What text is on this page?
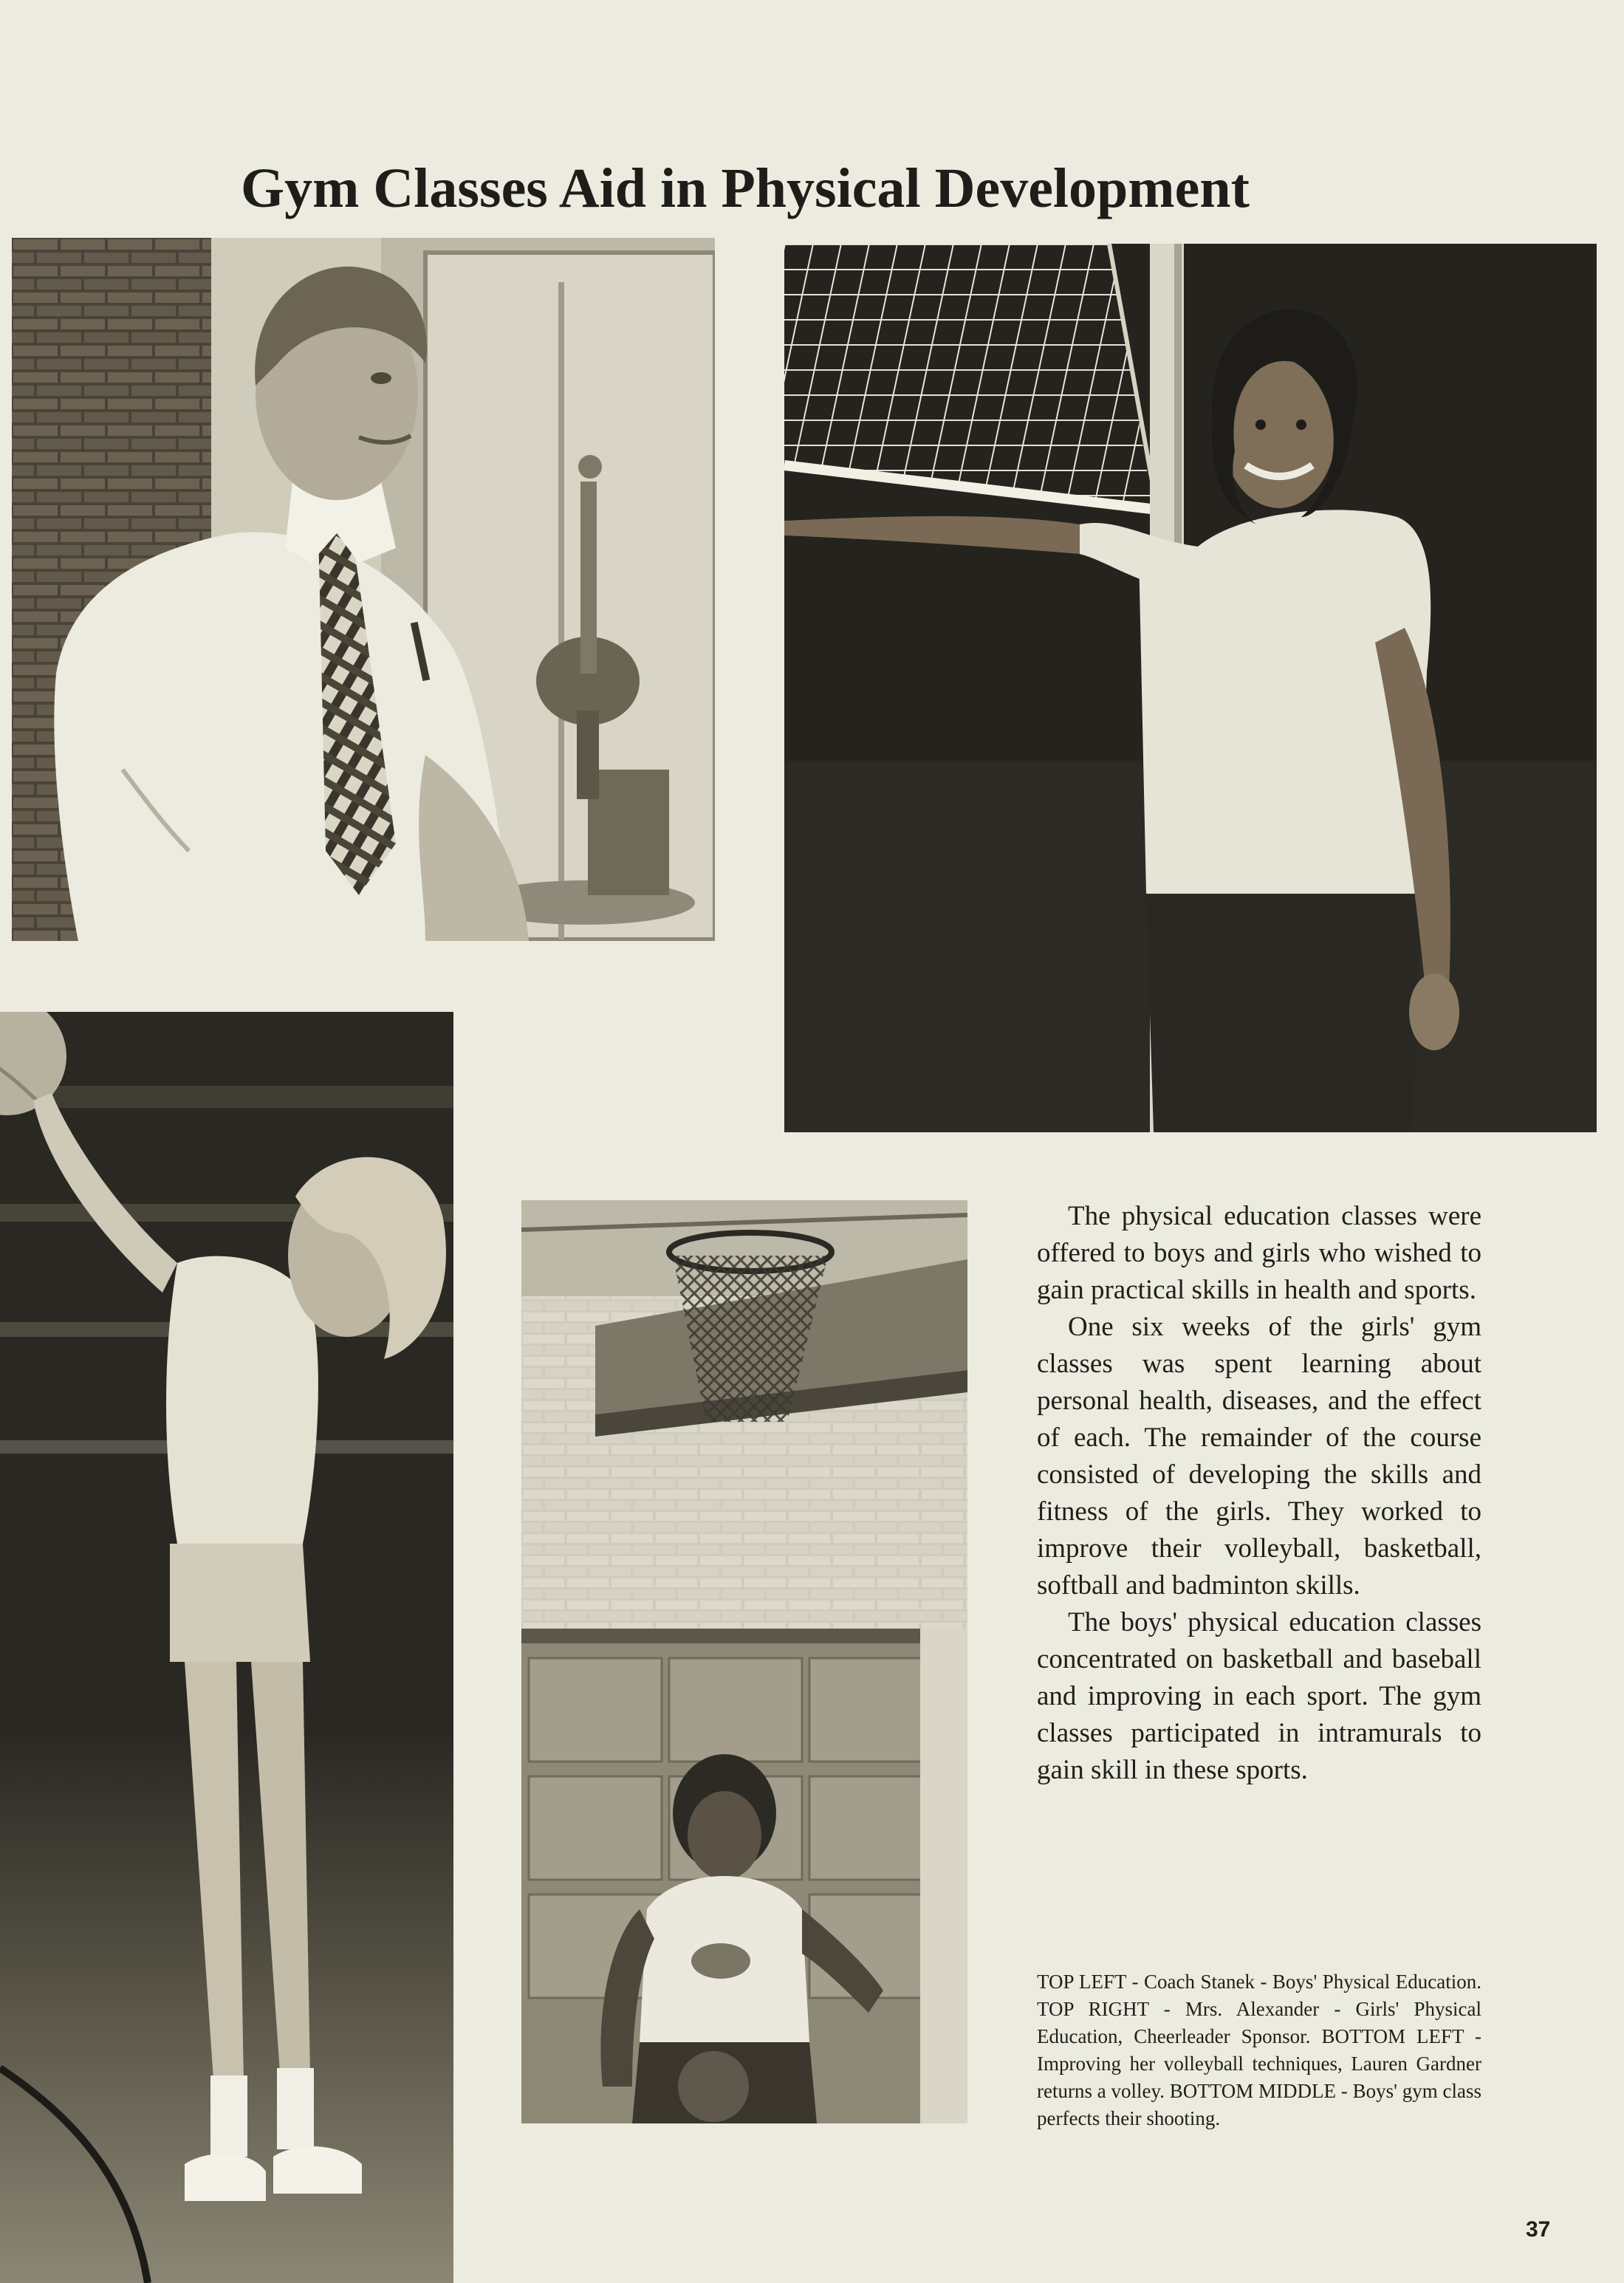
Gym Classes Aid in Physical Development

The physical education classes were offered to boys and girls who wished to gain practical skills in health and sports.

One six weeks of the girls' gym classes was spent learning about personal health, diseases, and the effect of each. The remainder of the course consisted of developing the skills and fitness of the girls. They worked to improve their volleyball, basketball, softball and badminton skills.

The boys' physical education classes concentrated on basketball and baseball and improving in each sport. The gym classes participated in intramurals to gain skill in these sports.

TOP LEFT - Coach Stanek - Boys' Physical Education. TOP RIGHT - Mrs. Alexander - Girls' Physical Education, Cheerleader Sponsor. BOTTOM LEFT - Improving her volleyball techniques, Lauren Gardner returns a volley. BOTTOM MIDDLE - Boys' gym class perfects their shooting.

37
